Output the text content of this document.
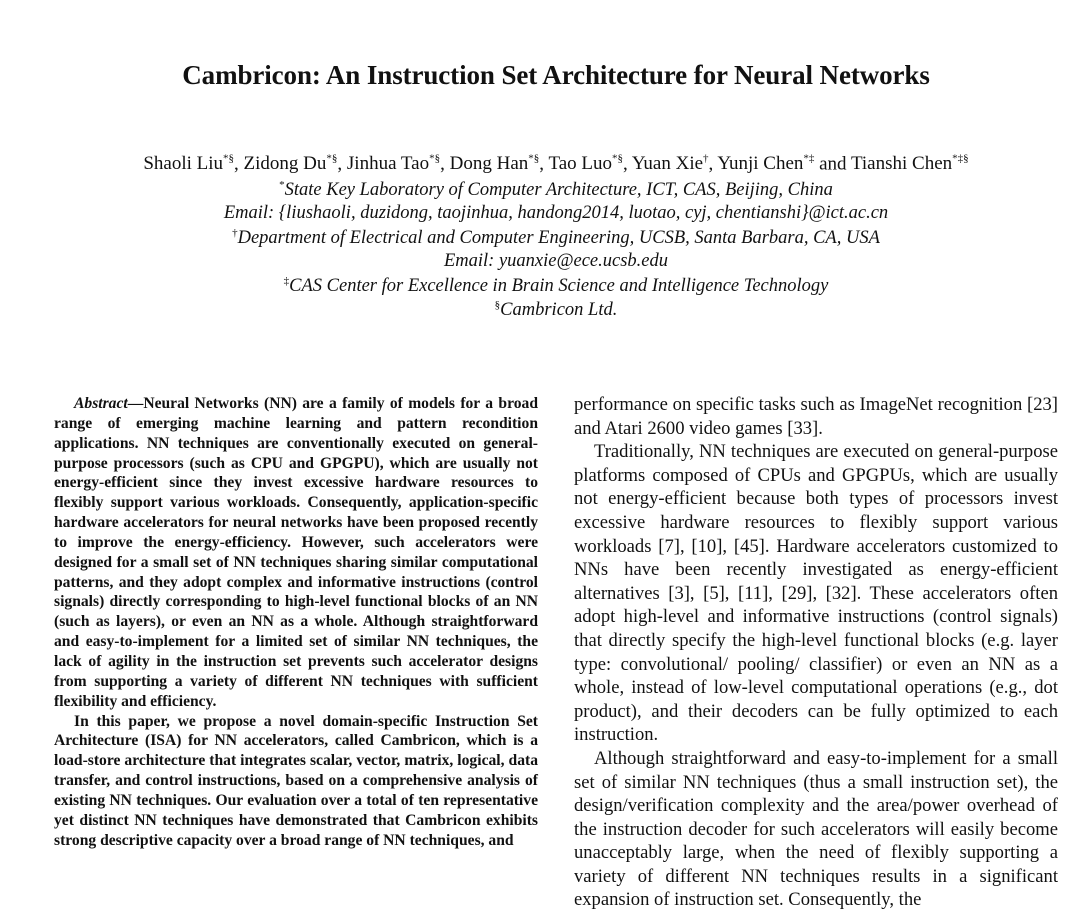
Cambricon: An Instruction Set Architecture for Neural Networks
Shaoli Liu*§, Zidong Du*§, Jinhua Tao*§, Dong Han*§, Tao Luo*§, Yuan Xie†, Yunji Chen*‡ and Tianshi Chen*‡§
*State Key Laboratory of Computer Architecture, ICT, CAS, Beijing, China
Email: {liushaoli, duzidong, taojinhua, handong2014, luotao, cyj, chentianshi}@ict.ac.cn
†Department of Electrical and Computer Engineering, UCSB, Santa Barbara, CA, USA
Email: yuanxie@ece.ucsb.edu
‡CAS Center for Excellence in Brain Science and Intelligence Technology
§Cambricon Ltd.

Abstract—Neural Networks (NN) are a family of models for a broad range of emerging machine learning and pattern recondition applications. NN techniques are conventionally executed on general-purpose processors (such as CPU and GPGPU), which are usually not energy-efficient since they invest excessive hardware resources to flexibly support various workloads. Consequently, application-specific hardware accelerators for neural networks have been proposed recently to improve the energy-efficiency. However, such accelerators were designed for a small set of NN techniques sharing similar computational patterns, and they adopt complex and informative instructions (control signals) directly corresponding to high-level functional blocks of an NN (such as layers), or even an NN as a whole. Although straightforward and easy-to-implement for a limited set of similar NN techniques, the lack of agility in the instruction set prevents such accelerator designs from supporting a variety of different NN techniques with sufficient flexibility and efficiency.

In this paper, we propose a novel domain-specific Instruction Set Architecture (ISA) for NN accelerators, called Cambricon, which is a load-store architecture that integrates scalar, vector, matrix, logical, data transfer, and control instructions, based on a comprehensive analysis of existing NN techniques. Our evaluation over a total of ten representative yet distinct NN techniques have demonstrated that Cambricon exhibits strong descriptive capacity over a broad range of NN techniques, and

performance on specific tasks such as ImageNet recognition [23] and Atari 2600 video games [33].

Traditionally, NN techniques are executed on general-purpose platforms composed of CPUs and GPGPUs, which are usually not energy-efficient because both types of processors invest excessive hardware resources to flexibly support various workloads [7], [10], [45]. Hardware accelerators customized to NNs have been recently investigated as energy-efficient alternatives [3], [5], [11], [29], [32]. These accelerators often adopt high-level and informative instructions (control signals) that directly specify the high-level functional blocks (e.g. layer type: convolutional/ pooling/ classifier) or even an NN as a whole, instead of low-level computational operations (e.g., dot product), and their decoders can be fully optimized to each instruction.

Although straightforward and easy-to-implement for a small set of similar NN techniques (thus a small instruction set), the design/verification complexity and the area/power overhead of the instruction decoder for such accelerators will easily become unacceptably large, when the need of flexibly supporting a variety of different NN techniques results in a significant expansion of instruction set. Consequently, the
